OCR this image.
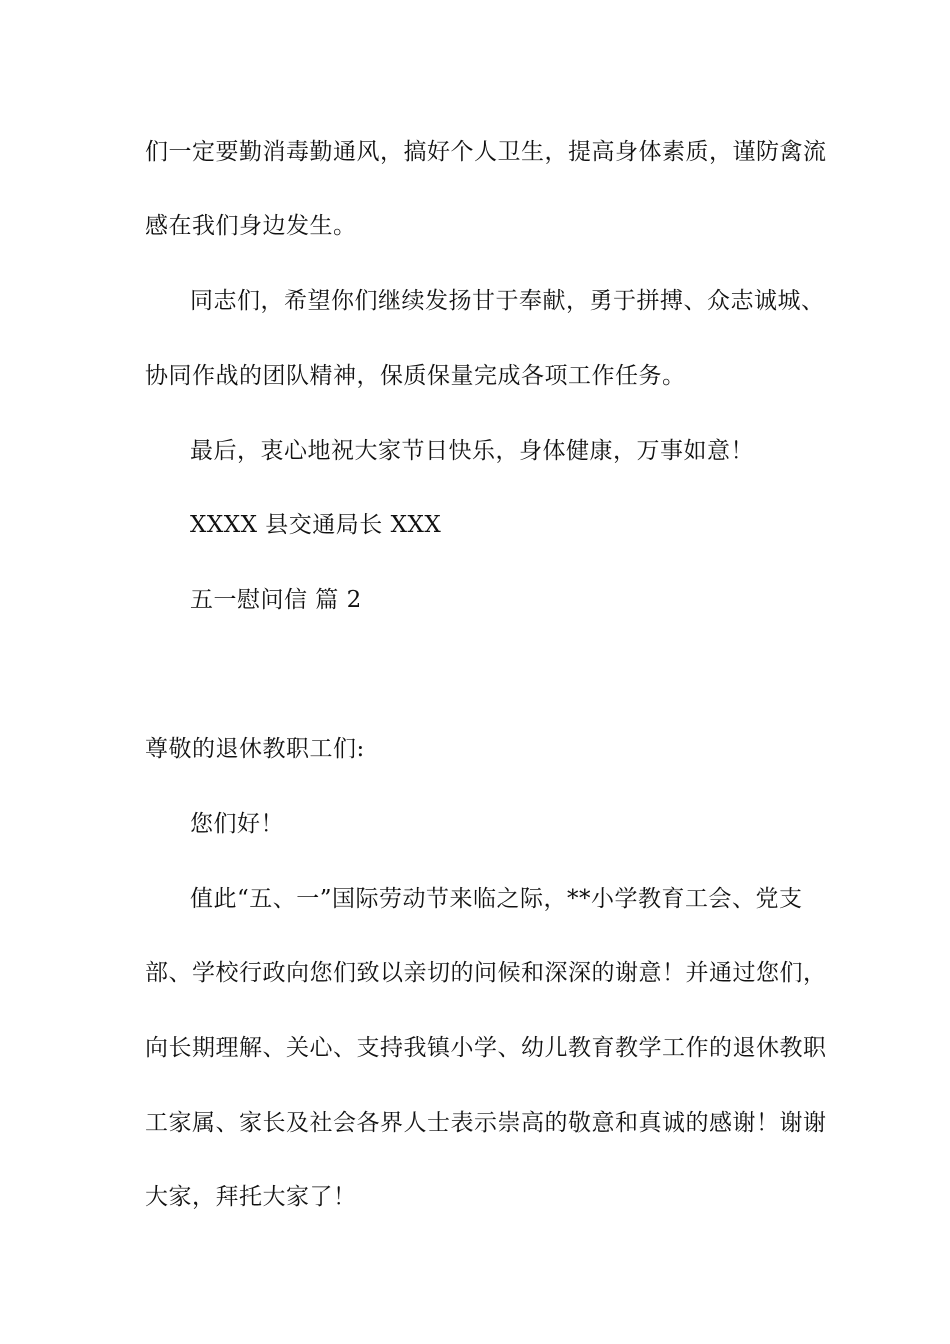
们一定要勤消毒勤通风，搞好个人卫生，提高身体素质，谨防禽流
感在我们身边发生。
同志们，希望你们继续发扬甘于奉献，勇于拼搏、众志诚城、
协同作战的团队精神，保质保量完成各项工作任务。
最后，衷心地祝大家节日快乐，身体健康，万事如意！
XXXX 县交通局长 XXX
五一慰问信 篇 2
尊敬的退休教职工们:
您们好！
值此“五、一”国际劳动节来临之际，**小学教育工会、党支
部、学校行政向您们致以亲切的问候和深深的谢意！并通过您们，
向长期理解、关心、支持我镇小学、幼儿教育教学工作的退休教职
工家属、家长及社会各界人士表示崇高的敬意和真诚的感谢！谢谢
大家，拜托大家了！
